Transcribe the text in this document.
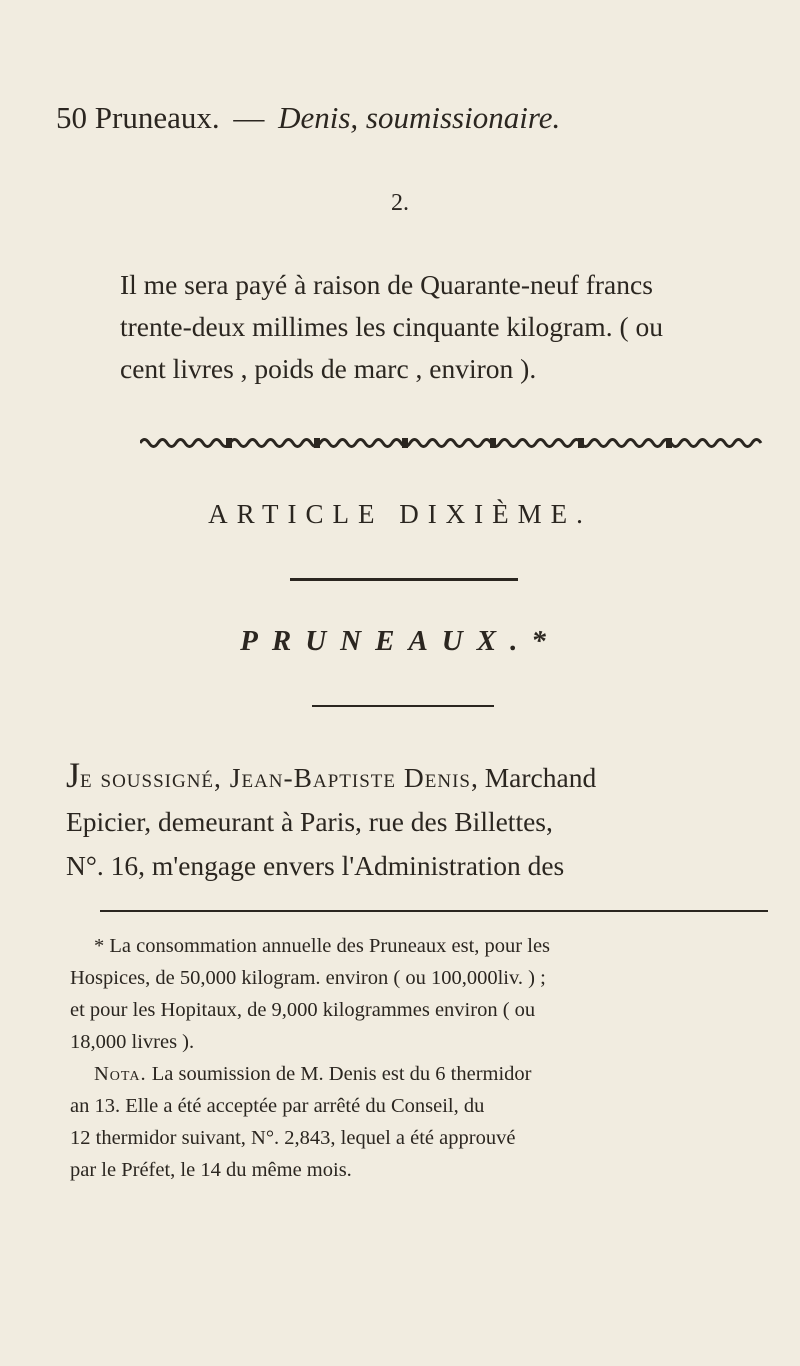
50 Pruneaux. — Denis, soumissionaire.
2.
Il me sera payé à raison de Quarante-neuf francs
trente-deux millimes les cinquante kilogram. ( ou
cent livres , poids de marc , environ ).
ARTICLE DIXIÈME.
PRUNEAUX.*
Je soussigné, Jean-Baptiste Denis, Marchand
Epicier, demeurant à Paris, rue des Billettes,
N°. 16, m'engage envers l'Administration des
* La consommation annuelle des Pruneaux est, pour les
Hospices, de 50,000 kilogram. environ ( ou 100,000liv. ) ;
et pour les Hopitaux, de 9,000 kilogrammes environ ( ou
18,000 livres ).
Nota. La soumission de M. Denis est du 6 thermidor
an 13. Elle a été acceptée par arrêté du Conseil, du
12 thermidor suivant, N°. 2,843, lequel a été approuvé
par le Préfet, le 14 du même mois.
